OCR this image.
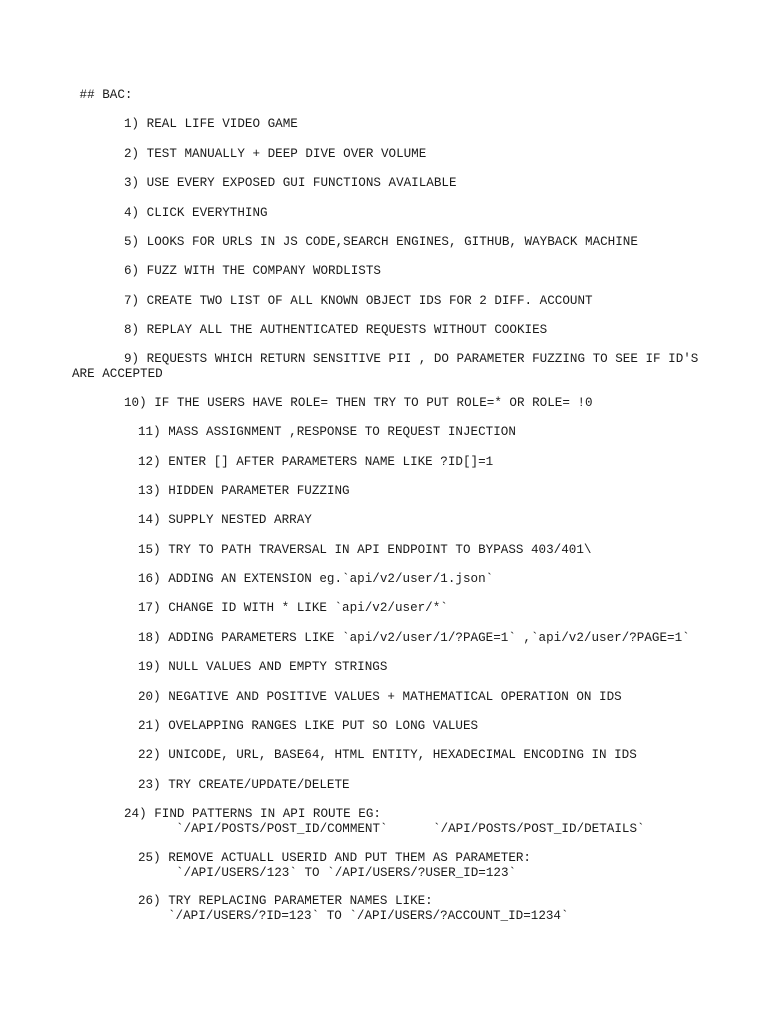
## BAC:

1) REAL LIFE VIDEO GAME

2) TEST MANUALLY + DEEP DIVE OVER VOLUME

3) USE EVERY EXPOSED GUI FUNCTIONS AVAILABLE

4) CLICK EVERYTHING

5) LOOKS FOR URLS IN JS CODE,SEARCH ENGINES, GITHUB, WAYBACK MACHINE

6) FUZZ WITH THE COMPANY WORDLISTS

7) CREATE TWO LIST OF ALL KNOWN OBJECT IDS FOR 2 DIFF. ACCOUNT

8) REPLAY ALL THE AUTHENTICATED REQUESTS WITHOUT COOKIES

9) REQUESTS WHICH RETURN SENSITIVE PII , DO PARAMETER FUZZING TO SEE IF ID'S

ARE ACCEPTED

10) IF THE USERS HAVE ROLE= THEN TRY TO PUT ROLE=* OR ROLE= !0

11) MASS ASSIGNMENT ,RESPONSE TO REQUEST INJECTION

12) ENTER [] AFTER PARAMETERS NAME LIKE ?ID[]=1

13) HIDDEN PARAMETER FUZZING

14) SUPPLY NESTED ARRAY

15) TRY TO PATH TRAVERSAL IN API ENDPOINT TO BYPASS 403/401\

16) ADDING AN EXTENSION eg.`api/v2/user/1.json`

17) CHANGE ID WITH * LIKE `api/v2/user/*`

18) ADDING PARAMETERS LIKE `api/v2/user/1/?PAGE=1` ,`api/v2/user/?PAGE=1`

19) NULL VALUES AND EMPTY STRINGS

20) NEGATIVE AND POSITIVE VALUES + MATHEMATICAL OPERATION ON IDS

21) OVELAPPING RANGES LIKE PUT SO LONG VALUES

22) UNICODE, URL, BASE64, HTML ENTITY, HEXADECIMAL ENCODING IN IDS

23) TRY CREATE/UPDATE/DELETE

24) FIND PATTERNS IN API ROUTE EG:

`/API/POSTS/POST_ID/COMMENT`      `/API/POSTS/POST_ID/DETAILS`

25) REMOVE ACTUALL USERID AND PUT THEM AS PARAMETER:

`/API/USERS/123` TO `/API/USERS/?USER_ID=123`

26) TRY REPLACING PARAMETER NAMES LIKE:

`/API/USERS/?ID=123` TO `/API/USERS/?ACCOUNT_ID=1234`
